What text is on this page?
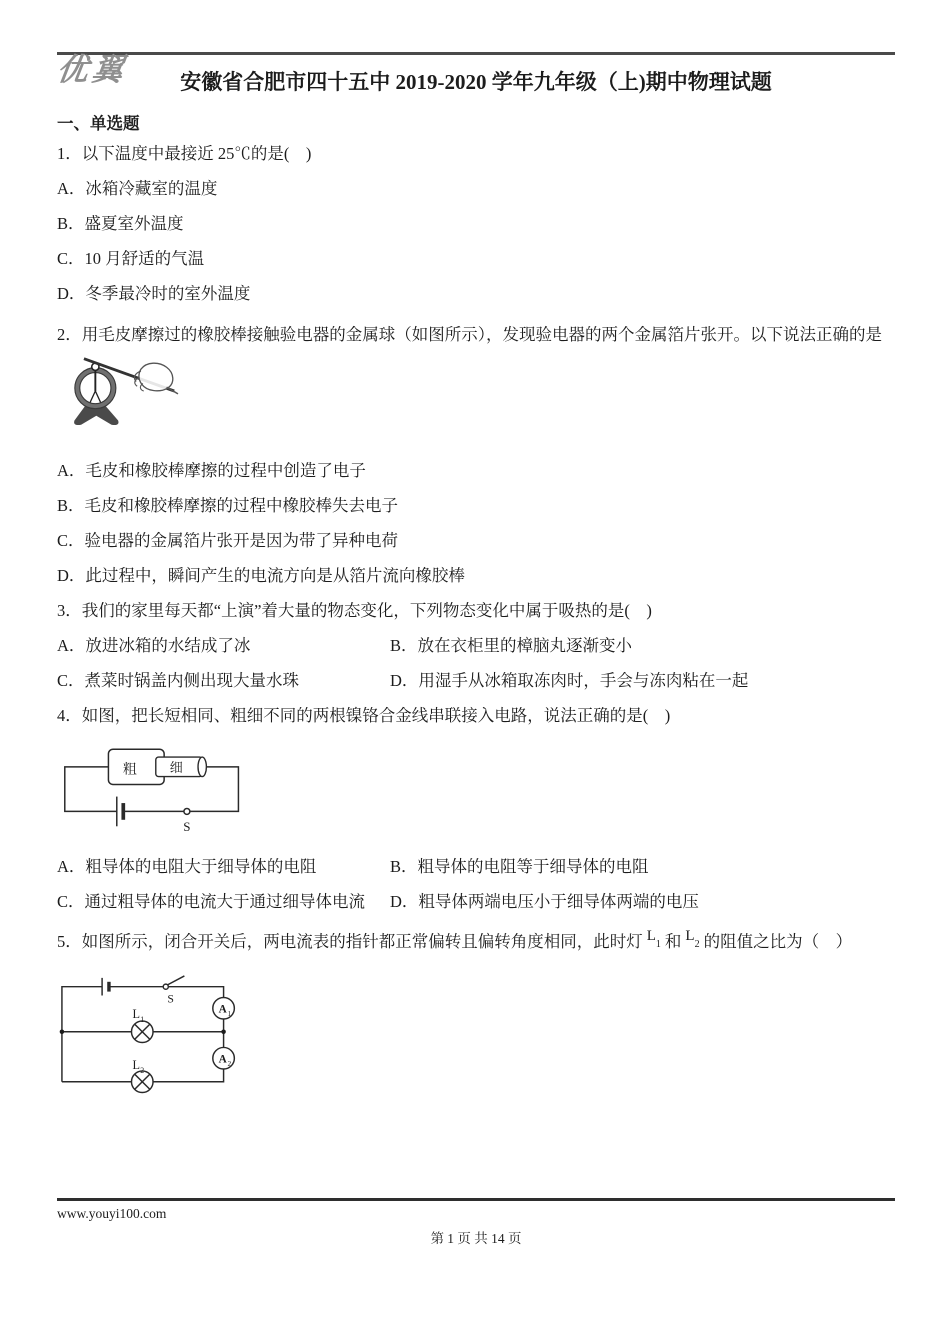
优翼	安徽省合肥市四十五中 2019-2020 学年九年级（上)期中物理试题
一、单选题
1．以下温度中最接近 25℃的是(　)
A．冰箱冷藏室的温度
B．盛夏室外温度
C．10 月舒适的气温
D．冬季最冷时的室外温度

2．用毛皮摩擦过的橡胶棒接触验电器的金属球（如图所示），发现验电器的两个金属箔片张开。以下说法正确的是

A．毛皮和橡胶棒摩擦的过程中创造了电子
B．毛皮和橡胶棒摩擦的过程中橡胶棒失去电子
C．验电器的金属箔片张开是因为带了异种电荷
D．此过程中，瞬间产生的电流方向是从箔片流向橡胶棒
3．我们的家里每天都“上演”着大量的物态变化，下列物态变化中属于吸热的是(　)
A．放进冰箱的水结成了冰	B．放在衣柜里的樟脑丸逐渐变小
C．煮菜时锅盖内侧出现大量水珠	D．用湿手从冰箱取冻肉时，手会与冻肉粘在一起
4．如图，把长短相同、粗细不同的两根镍铬合金线串联接入电路，说法正确的是(　)
粗 细
S
A．粗导体的电阻大于细导体的电阻	B．粗导体的电阻等于细导体的电阻
C．通过粗导体的电流大于通过细导体电流	D．粗导体两端电压小于细导体两端的电压
5．如图所示，闭合开关后，两电流表的指针都正常偏转且偏转角度相同，此时灯 $L_1$ 和 $L_2$ 的阻值之比为（　）
S
L 1
L 2
A 1
A 2
www.youyi100.com
第 1 页 共 14 页
